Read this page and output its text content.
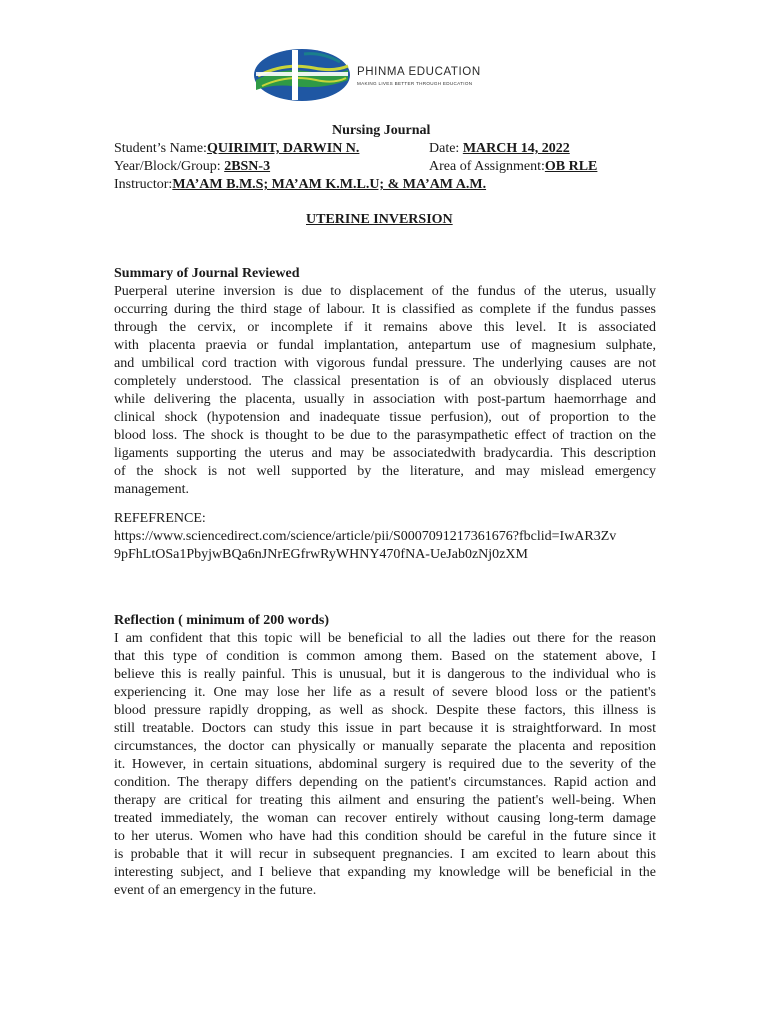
PHINMA EDUCATION
MAKING LIVES BETTER THROUGH EDUCATION
Nursing Journal
Student’s Name:QUIRIMIT, DARWIN N.	Date: MARCH 14, 2022
Year/Block/Group: 2BSN-3	Area of Assignment:OB RLE
Instructor:MA’AM B.M.S; MA’AM K.M.L.U; & MA’AM A.M.
UTERINE INVERSION
Summary of Journal Reviewed
Puerperal uterine inversion is due to displacement of the fundus of the uterus, usually
occurring during the third stage of labour. It is classified as complete if the fundus passes
through the cervix, or incomplete if it remains above this level. It is associated
with placenta praevia or fundal implantation, antepartum use of magnesium sulphate,
and umbilical cord traction with vigorous fundal pressure. The underlying causes are not
completely understood. The classical presentation is of an obviously displaced uterus
while delivering the placenta, usually in association with post-partum haemorrhage and
clinical shock (hypotension and inadequate tissue perfusion), out of proportion to the
blood loss. The shock is thought to be due to the parasympathetic effect of traction on the
ligaments supporting the uterus and may be associatedwith bradycardia. This description
of the shock is not well supported by the literature, and may mislead emergency
management.
REFEFRENCE:
https://www.sciencedirect.com/science/article/pii/S0007091217361676?fbclid=IwAR3Zv
9pFhLtOSa1PbyjwBQa6nJNrEGfrwRyWHNY470fNA-UeJab0zNj0zXM
Reflection ( minimum of 200 words)
I am confident that this topic will be beneficial to all the ladies out there for the reason
that this type of condition is common among them. Based on the statement above, I
believe this is really painful. This is unusual, but it is dangerous to the individual who is
experiencing it. One may lose her life as a result of severe blood loss or the patient's
blood pressure rapidly dropping, as well as shock. Despite these factors, this illness is
still treatable. Doctors can study this issue in part because it is straightforward. In most
circumstances, the doctor can physically or manually separate the placenta and reposition
it. However, in certain situations, abdominal surgery is required due to the severity of the
condition. The therapy differs depending on the patient's circumstances. Rapid action and
therapy are critical for treating this ailment and ensuring the patient's well-being. When
treated immediately, the woman can recover entirely without causing long-term damage
to her uterus. Women who have had this condition should be careful in the future since it
is probable that it will recur in subsequent pregnancies. I am excited to learn about this
interesting subject, and I believe that expanding my knowledge will be beneficial in the
event of an emergency in the future.
